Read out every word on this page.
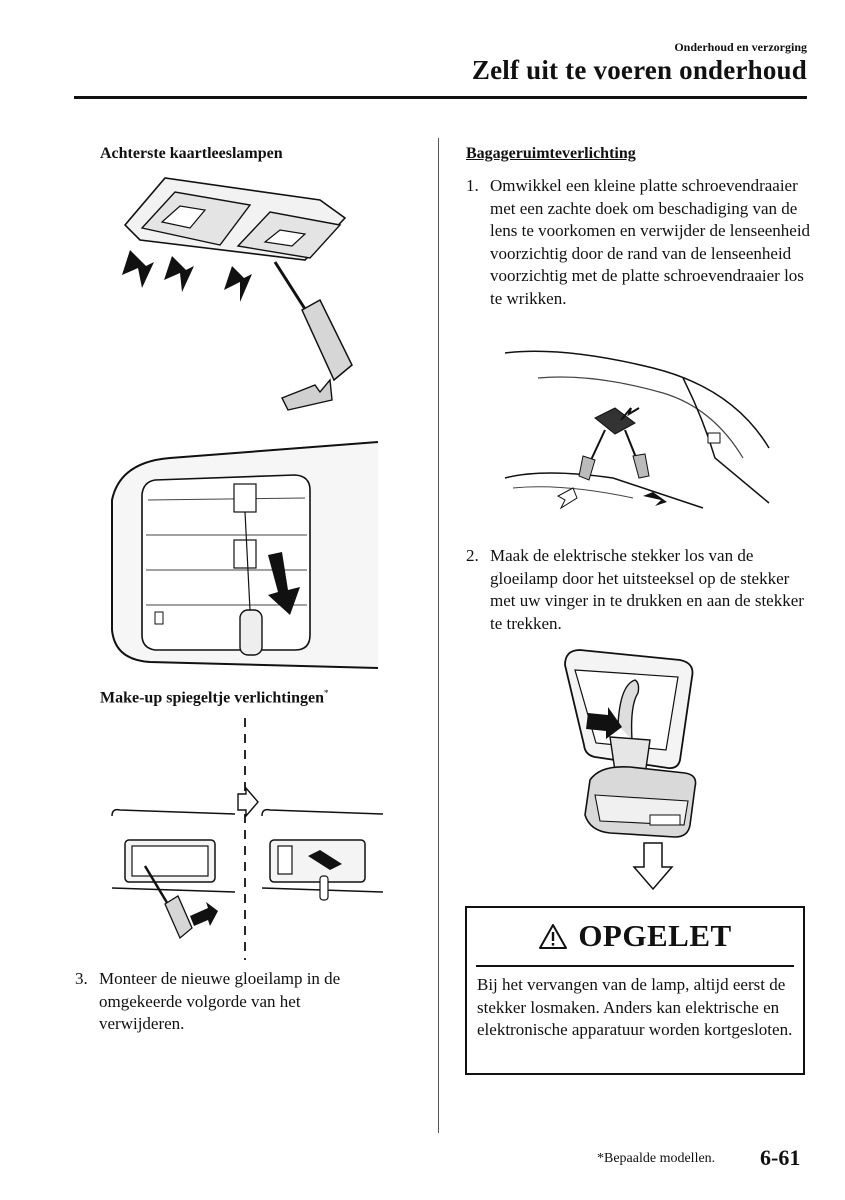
Onderhoud en verzorging
Zelf uit te voeren onderhoud
Achterste kaartleeslampen
Make-up spiegeltje verlichtingen*
3. Monteer de nieuwe gloeilamp in de omgekeerde volgorde van het verwijderen.
Bagageruimteverlichting
1. Omwikkel een kleine platte schroevendraaier met een zachte doek om beschadiging van de lens te voorkomen en verwijder de lenseenheid voorzichtig door de rand van de lenseenheid voorzichtig met de platte schroevendraaier los te wrikken.
2. Maak de elektrische stekker los van de gloeilamp door het uitsteeksel op de stekker met uw vinger in te drukken en aan de stekker te trekken.
OPGELET
Bij het vervangen van de lamp, altijd eerst de stekker losmaken. Anders kan elektrische en elektronische apparatuur worden kortgesloten.
*Bepaalde modellen. 6-61
